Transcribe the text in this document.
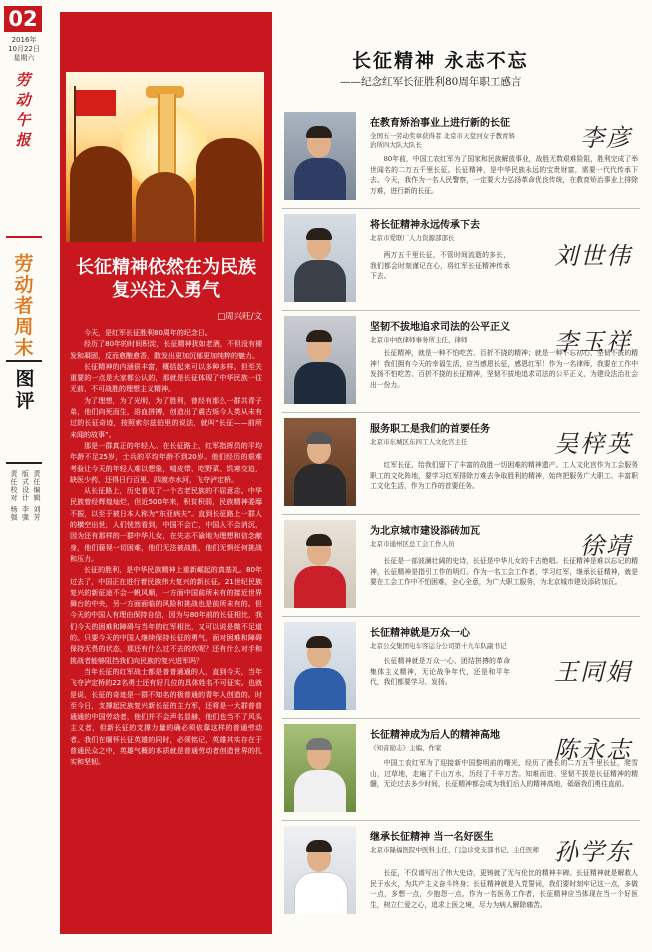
02
2016年
10月22日
星期六
劳动午报
劳动者周末
图评
责任编辑 刘芳
版式设计 李强
责任校对 杨强
长征精神依然在为民族复兴注入勇气
□周兴旺/文

今天，是红军长征胜利80周年的纪念日。

经历了80年的时间积淀，长征精神犹如老酒，不但没有褪发和凝固，反而愈酿愈香，散发出更加沉郁更加纯粹的魅力。

长征精神的内涵很丰富，概括起来可以多种多样。但至关重要的一点是大家都公认的，那就是长征体现了中华民族一往无前、不可战胜的理想主义精神。

为了理想，为了光明，为了胜利，曾经有那么一群共青子弟，他们向死而生，浴血拼搏，创造出了震古烁今人类从未有过的长征奇迹，按照索尔兹伯里的说法，就叫“长征——前所未闻的故事”。

那是一群真正的年轻人。在长征路上，红军指挥员的平均年龄不足25岁，士兵的平均年龄不到20岁。他们经历的艰难考验让今天的年轻人难以想象，啃皮带、吃野菜、饥寒交迫，缺医少药，还得日行百里，四渡赤水河，飞夺泸定桥。

从长征路上，历史看见了一个古老民族的不屈意志。中华民族曾经辉煌灿烂，但近500年来，积贫积弱，民族精神委靡不振，以至于被日本人称为“东亚病夫”。直到长征路上一群人的横空出世，人们恍然看到，中国不会亡，中国人不会消沉，因为还有那样的一群中华儿女，在失志不渝地为理想和信念献身，他们藐视一切困难，他们无法被战胜，他们无惧任何挑战和压力。

长征的胜利，是中华民族精神上重新崛起的真基礼。80年过去了，中国正在进行着民族伟大复兴的新长征。21世纪民族复兴的新征途不会一帆风顺，一方面中国前所未有的接近世界舞台的中央，另一方面面临的风险和挑战也是前所未有的。但今天的中国人有理由保持自信，因为与80年前的长征相比，我们今天的困难和障碍与当年的红军相比，又可以说是微不足道的。只要今天的中国人继续保持长征的勇气，面对困难和障碍保持无畏的状态，那还有什么过不去的坎呢？还有什么对手和挑战者能够阻挡我们向民族的复兴进军吗？

当年长征的红军战士都是普普通通的人，直到今天，当年飞夺泸定桥的22名勇士还有好几位的具体姓名不可征实。也就是说，长征的奇迹是一群不知名的极普通的青年人创造的。时至今日，支撑起民族复兴新长征的主力军，还将是一大群普普通通的中国劳动者，他们并不会声名显赫，他们也当不了风头主义者，但新长征的支撑力量的确必须依靠这样的普通劳动者。我们在缅怀长征英雄的同时，必须铭记，英雄其实存在于普通民众之中，英雄气概的本质就是普通劳动者创造世界的扎实和坚韧。

长征精神 永志不忘
——纪念红军长征胜利80周年职工感言
在教育矫治事业上进行新的长征
全国五一劳动奖章获得者 北京市天堂河女子教育矫治所四大队大队长	李彦

80年前，中国工农红军为了国家和民族解放事业，战胜无数艰难险阻，胜利完成了举世闻名的二万五千里长征。长征精神，是中华民族永远的宝贵财富，需要一代代传承下去。今天，我作为一名人民警察，一定要大力弘扬革命优良传统，在教育矫治事业上排除万难，进行新的长征。

将长征精神永远传承下去
北京市爱联厂人力资源部部长
刘世伟

两万五千里长征，不管时间流逝的多长，我们都会时刻谨记在心，将红军长征精神传承下去。

坚韧不拔地追求司法的公平正义
北京市中欧律师事务所主任、律师	李玉祥

长征精神，就是一种不怕吃苦、百折不挠的精神；就是一种不忘初心、坚韧不拔的精神！我们拥有今天的幸福生活，应当感恩长征，感恩红军！作为一名律师，我要在工作中发扬不怕吃苦、百折不挠的长征精神，坚韧不拔地追求司法的公平正义，为建设法治社会出一份力。

服务职工是我们的首要任务
北京市东城区东四工人文化宫主任	吴梓英

红军长征，给我们留下了丰富的战胜一切困难的精神遗产。工人文化宫作为工会服务职工的文化阵地，要学习红军排除万难去争取胜利的精神，始终把服务广大职工、丰富职工文化生活，作为工作的首要任务。

为北京城市建设添砖加瓦
北京市通州区总工会工作人员	徐靖

长征是一部波澜壮阔的史诗，长征是中华儿女的千古绝唱。长征精神是难以忘记的精神，长征精神是指引工作的明灯。作为一名工会工作者，学习红军，继承长征精神，就是要在工会工作中不怕困难，全心全意，为广大职工服务，为北京城市建设添砖加瓦。

长征精神就是万众一心
北京公交集团电车客运分公司第十九车队副书记
王同娟

长征精神就是万众一心、团结拼搏的革命集体主义精神，无论战争年代，还是和平年代，我们都要学习、发扬。

长征精神成为后人的精神高地
《知音励志》主编、作家	陈永志

中国工农红军为了迎接新中国黎明前的曙光，经历了漫长的二万五千里长征，爬雪山，过草地，走遍了千山万水，历经了千辛万苦。知难而进、坚韧不拔是长征精神的精髓，无论过去多少时间，长征精神都会成为我们后人的精神高地，砥砺我们勇往直前。

继承长征精神 当一名好医生
北京市隆福医院中医科主任、门急诊党支部书记、主任医师 孙学东

长征，不仅谱写出了伟大史诗，更铸就了无与伦比的精神丰碑。长征精神就是解救人民于水火，为共产主义奋斗终身；长征精神就是人党誓词，我们要时刻牢记这一点，多做一点，多想一点，少抱怨一点。作为一名医务工作者，长征精神应当体现在当一个好医生，树立仁爱之心，追求上医之境，尽力为病人解除痛苦。
